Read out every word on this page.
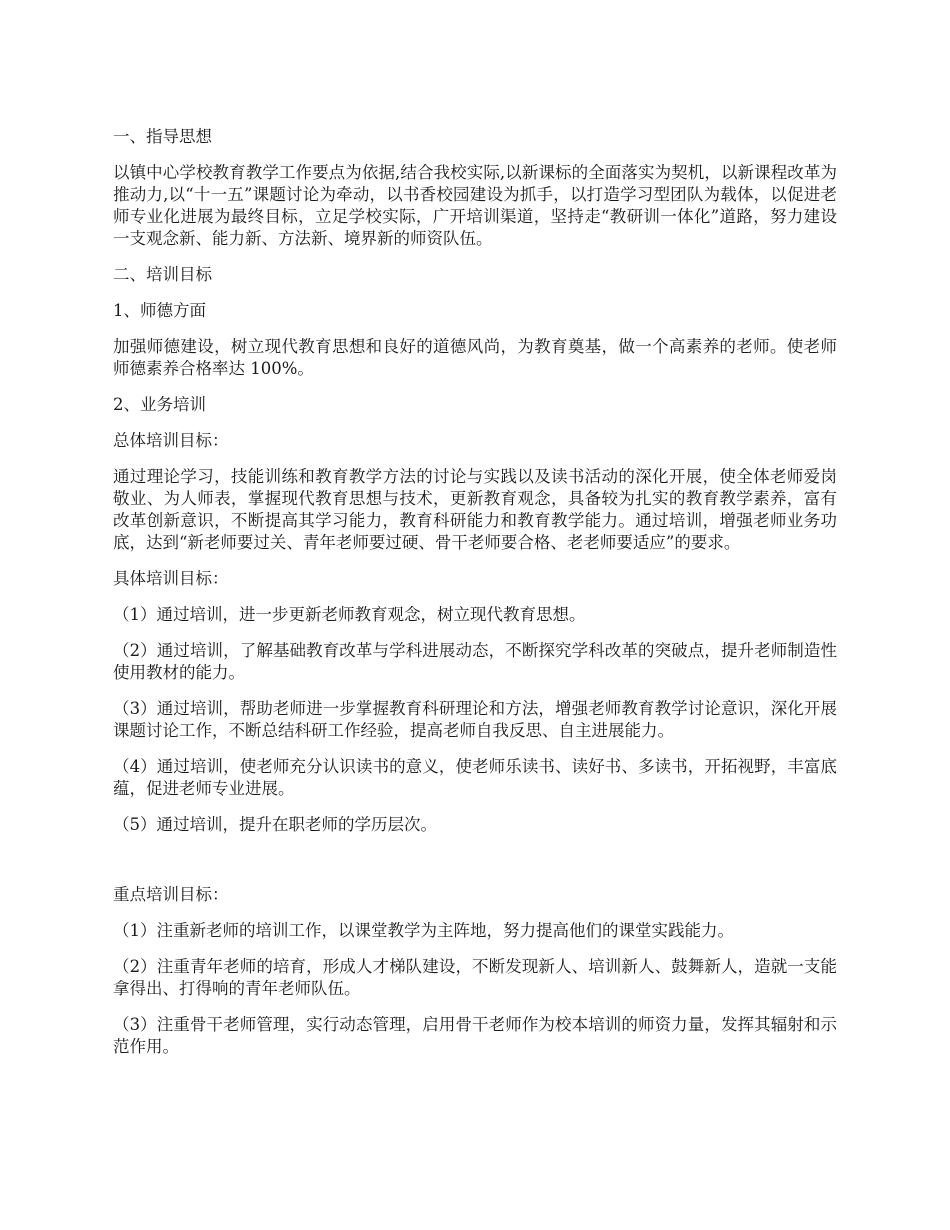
一、指导思想

以镇中心学校教育教学工作要点为依据,结合我校实际,以新课标的全面落实为契机，以新课程改革为推动力,以“十一五”课题讨论为牵动，以书香校园建设为抓手，以打造学习型团队为载体，以促进老师专业化进展为最终目标，立足学校实际，广开培训渠道，坚持走“教研训一体化”道路，努力建设一支观念新、能力新、方法新、境界新的师资队伍。

二、培训目标

1、师德方面

加强师德建设，树立现代教育思想和良好的道德风尚，为教育奠基，做一个高素养的老师。使老师师德素养合格率达 100%。

2、业务培训

总体培训目标：

通过理论学习，技能训练和教育教学方法的讨论与实践以及读书活动的深化开展，使全体老师爱岗敬业、为人师表，掌握现代教育思想与技术，更新教育观念，具备较为扎实的教育教学素养，富有改革创新意识，不断提高其学习能力，教育科研能力和教育教学能力。通过培训，增强老师业务功底，达到“新老师要过关、青年老师要过硬、骨干老师要合格、老老师要适应”的要求。

具体培训目标：

（1）通过培训，进一步更新老师教育观念，树立现代教育思想。

（2）通过培训，了解基础教育改革与学科进展动态，不断探究学科改革的突破点，提升老师制造性使用教材的能力。

（3）通过培训，帮助老师进一步掌握教育科研理论和方法，增强老师教育教学讨论意识，深化开展课题讨论工作，不断总结科研工作经验，提高老师自我反思、自主进展能力。

（4）通过培训，使老师充分认识读书的意义，使老师乐读书、读好书、多读书，开拓视野，丰富底蕴，促进老师专业进展。

（5）通过培训，提升在职老师的学历层次。

重点培训目标：

（1）注重新老师的培训工作，以课堂教学为主阵地，努力提高他们的课堂实践能力。

（2）注重青年老师的培育，形成人才梯队建设，不断发现新人、培训新人、鼓舞新人，造就一支能拿得出、打得响的青年老师队伍。

（3）注重骨干老师管理，实行动态管理，启用骨干老师作为校本培训的师资力量，发挥其辐射和示范作用。
